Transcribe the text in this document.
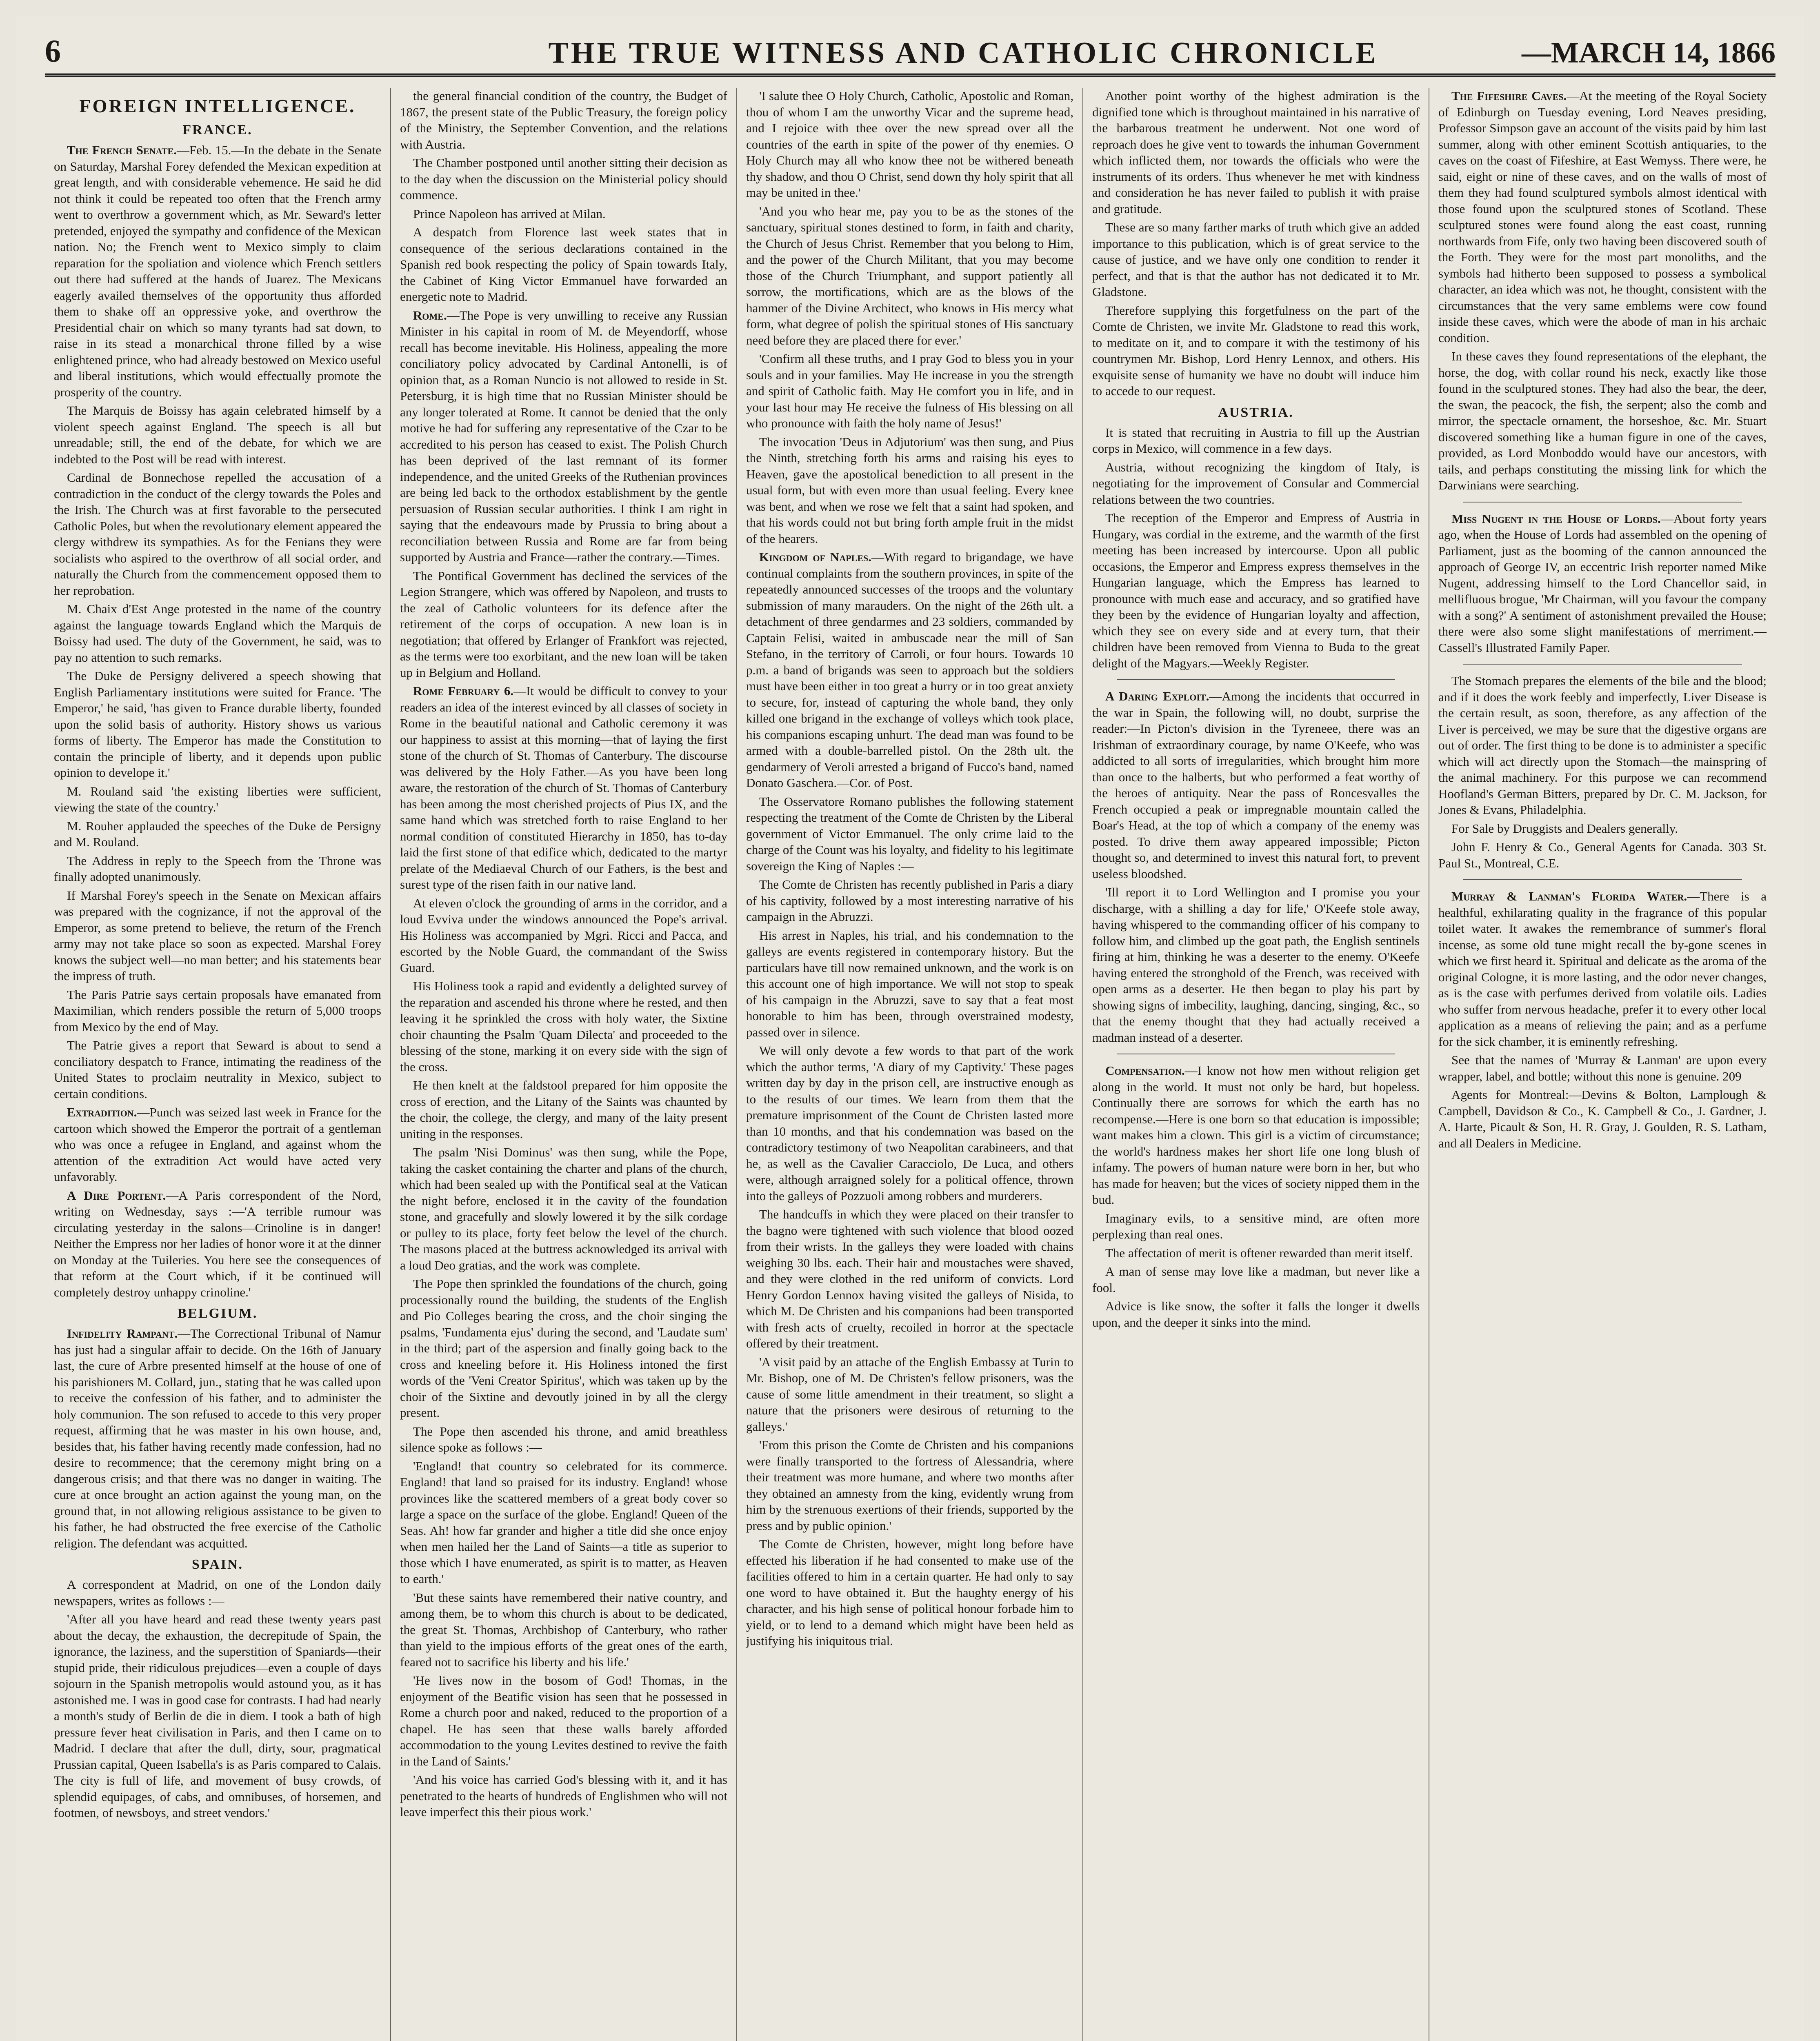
6	THE TRUE WITNESS AND CATHOLIC CHRONICLE	—MARCH 14, 1866
FOREIGN INTELLIGENCE.
FRANCE.

The French Senate.—Feb. 15.—In the debate in the Senate on Saturday, Marshal Forey defended the Mexican expedition at great length, and with considerable vehemence. He said he did not think it could be repeated too often that the French army went to overthrow a government which, as Mr. Seward's letter pretended, enjoyed the sympathy and confidence of the Mexican nation. No; the French went to Mexico simply to claim reparation for the spoliation and violence which French settlers out there had suffered at the hands of Juarez. The Mexicans eagerly availed themselves of the opportunity thus afforded them to shake off an oppressive yoke, and overthrow the Presidential chair on which so many tyrants had sat down, to raise in its stead a monarchical throne filled by a wise enlightened prince, who had already bestowed on Mexico useful and liberal institutions, which would effectually promote the prosperity of the country.

The Marquis de Boissy has again celebrated himself by a violent speech against England. The speech is all but unreadable; still, the end of the debate, for which we are indebted to the Post will be read with interest.

Cardinal de Bonnechose repelled the accusation of a contradiction in the conduct of the clergy towards the Poles and the Irish. The Church was at first favorable to the persecuted Catholic Poles, but when the revolutionary element appeared the clergy withdrew its sympathies. As for the Fenians they were socialists who aspired to the overthrow of all social order, and naturally the Church from the commencement opposed them to her reprobation.

M. Chaix d'Est Ange protested in the name of the country against the language towards England which the Marquis de Boissy had used. The duty of the Government, he said, was to pay no attention to such remarks.

The Duke de Persigny delivered a speech showing that English Parliamentary institutions were suited for France. 'The Emperor,' he said, 'has given to France durable liberty, founded upon the solid basis of authority. History shows us various forms of liberty. The Emperor has made the Constitution to contain the principle of liberty, and it depends upon public opinion to develope it.'

M. Rouland said 'the existing liberties were sufficient, viewing the state of the country.'

M. Rouher applauded the speeches of the Duke de Persigny and M. Rouland.

The Address in reply to the Speech from the Throne was finally adopted unanimously.

If Marshal Forey's speech in the Senate on Mexican affairs was prepared with the cognizance, if not the approval of the Emperor, as some pretend to believe, the return of the French army may not take place so soon as expected. Marshal Forey knows the subject well—no man better; and his statements bear the impress of truth.

The Paris Patrie says certain proposals have emanated from Maximilian, which renders possible the return of 5,000 troops from Mexico by the end of May.

The Patrie gives a report that Seward is about to send a conciliatory despatch to France, intimating the readiness of the United States to proclaim neutrality in Mexico, subject to certain conditions.

Extradition.—Punch was seized last week in France for the cartoon which showed the Emperor the portrait of a gentleman who was once a refugee in England, and against whom the attention of the extradition Act would have acted very unfavorably.

A Dire Portent.—A Paris correspondent of the Nord, writing on Wednesday, says :—'A terrible rumour was circulating yesterday in the salons—Crinoline is in danger! Neither the Empress nor her ladies of honor wore it at the dinner on Monday at the Tuileries. You here see the consequences of that reform at the Court which, if it be continued will completely destroy unhappy crinoline.'

BELGIUM.

Infidelity Rampant.—The Correctional Tribunal of Namur has just had a singular affair to decide. On the 16th of January last, the cure of Arbre presented himself at the house of one of his parishioners M. Collard, jun., stating that he was called upon to receive the confession of his father, and to administer the holy communion. The son refused to accede to this very proper request, affirming that he was master in his own house, and, besides that, his father having recently made confession, had no desire to recommence; that the ceremony might bring on a dangerous crisis; and that there was no danger in waiting. The cure at once brought an action against the young man, on the ground that, in not allowing religious assistance to be given to his father, he had obstructed the free exercise of the Catholic religion. The defendant was acquitted.

SPAIN.

A correspondent at Madrid, on one of the London daily newspapers, writes as follows :—

'After all you have heard and read these twenty years past about the decay, the exhaustion, the decrepitude of Spain, the ignorance, the laziness, and the superstition of Spaniards—their stupid pride, their ridiculous prejudices—even a couple of days sojourn in the Spanish metropolis would astound you, as it has astonished me. I was in good case for contrasts. I had had nearly a month's study of Berlin de die in diem. I took a bath of high pressure fever heat civilisation in Paris, and then I came on to Madrid. I declare that after the dull, dirty, sour, pragmatical Prussian capital, Queen Isabella's is as Paris compared to Calais. The city is full of life, and movement of busy crowds, of splendid equipages, of cabs, and omnibuses, of horsemen, and footmen, of newsboys, and street vendors.'

the general financial condition of the country, the Budget of 1867, the present state of the Public Treasury, the foreign policy of the Ministry, the September Convention, and the relations with Austria.

The Chamber postponed until another sitting their decision as to the day when the discussion on the Ministerial policy should commence.

Prince Napoleon has arrived at Milan.

A despatch from Florence last week states that in consequence of the serious declarations contained in the Spanish red book respecting the policy of Spain towards Italy, the Cabinet of King Victor Emmanuel have forwarded an energetic note to Madrid.

Rome.—The Pope is very unwilling to receive any Russian Minister in his capital in room of M. de Meyendorff, whose recall has become inevitable. His Holiness, appealing the more conciliatory policy advocated by Cardinal Antonelli, is of opinion that, as a Roman Nuncio is not allowed to reside in St. Petersburg, it is high time that no Russian Minister should be any longer tolerated at Rome. It cannot be denied that the only motive he had for suffering any representative of the Czar to be accredited to his person has ceased to exist. The Polish Church has been deprived of the last remnant of its former independence, and the united Greeks of the Ruthenian provinces are being led back to the orthodox establishment by the gentle persuasion of Russian secular authorities. I think I am right in saying that the endeavours made by Prussia to bring about a reconciliation between Russia and Rome are far from being supported by Austria and France—rather the contrary.—Times.

The Pontifical Government has declined the services of the Legion Strangere, which was offered by Napoleon, and trusts to the zeal of Catholic volunteers for its defence after the retirement of the corps of occupation. A new loan is in negotiation; that offered by Erlanger of Frankfort was rejected, as the terms were too exorbitant, and the new loan will be taken up in Belgium and Holland.

Rome February 6.—It would be difficult to convey to your readers an idea of the interest evinced by all classes of society in Rome in the beautiful national and Catholic ceremony it was our happiness to assist at this morning—that of laying the first stone of the church of St. Thomas of Canterbury. The discourse was delivered by the Holy Father.—As you have been long aware, the restoration of the church of St. Thomas of Canterbury has been among the most cherished projects of Pius IX, and the same hand which was stretched forth to raise England to her normal condition of constituted Hierarchy in 1850, has to-day laid the first stone of that edifice which, dedicated to the martyr prelate of the Mediaeval Church of our Fathers, is the best and surest type of the risen faith in our native land.

At eleven o'clock the grounding of arms in the corridor, and a loud Evviva under the windows announced the Pope's arrival. His Holiness was accompanied by Mgri. Ricci and Pacca, and escorted by the Noble Guard, the commandant of the Swiss Guard.

His Holiness took a rapid and evidently a delighted survey of the reparation and ascended his throne where he rested, and then leaving it he sprinkled the cross with holy water, the Sixtine choir chaunting the Psalm 'Quam Dilecta' and proceeded to the blessing of the stone, marking it on every side with the sign of the cross.

He then knelt at the faldstool prepared for him opposite the cross of erection, and the Litany of the Saints was chaunted by the choir, the college, the clergy, and many of the laity present uniting in the responses.

The psalm 'Nisi Dominus' was then sung, while the Pope, taking the casket containing the charter and plans of the church, which had been sealed up with the Pontifical seal at the Vatican the night before, enclosed it in the cavity of the foundation stone, and gracefully and slowly lowered it by the silk cordage or pulley to its place, forty feet below the level of the church. The masons placed at the buttress acknowledged its arrival with a loud Deo gratias, and the work was complete.

The Pope then sprinkled the foundations of the church, going processionally round the building, the students of the English and Pio Colleges bearing the cross, and the choir singing the psalms, 'Fundamenta ejus' during the second, and 'Laudate sum' in the third; part of the aspersion and finally going back to the cross and kneeling before it. His Holiness intoned the first words of the 'Veni Creator Spiritus', which was taken up by the choir of the Sixtine and devoutly joined in by all the clergy present.

The Pope then ascended his throne, and amid breathless silence spoke as follows :—

'England! that country so celebrated for its commerce. England! that land so praised for its industry. England! whose provinces like the scattered members of a great body cover so large a space on the surface of the globe. England! Queen of the Seas. Ah! how far grander and higher a title did she once enjoy when men hailed her the Land of Saints—a title as superior to those which I have enumerated, as spirit is to matter, as Heaven to earth.'

'But these saints have remembered their native country, and among them, be to whom this church is about to be dedicated, the great St. Thomas, Archbishop of Canterbury, who rather than yield to the impious efforts of the great ones of the earth, feared not to sacrifice his liberty and his life.'

'He lives now in the bosom of God! Thomas, in the enjoyment of the Beatific vision has seen that he possessed in Rome a church poor and naked, reduced to the proportion of a chapel. He has seen that these walls barely afforded accommodation to the young Levites destined to revive the faith in the Land of Saints.'

'And his voice has carried God's blessing with it, and it has penetrated to the hearts of hundreds of Englishmen who will not leave imperfect this their pious work.'

'I salute thee O Holy Church, Catholic, Apostolic and Roman, thou of whom I am the unworthy Vicar and the supreme head, and I rejoice with thee over the new spread over all the countries of the earth in spite of the power of thy enemies. O Holy Church may all who know thee not be withered beneath thy shadow, and thou O Christ, send down thy holy spirit that all may be united in thee.'

'And you who hear me, pay you to be as the stones of the sanctuary, spiritual stones destined to form, in faith and charity, the Church of Jesus Christ. Remember that you belong to Him, and the power of the Church Militant, that you may become those of the Church Triumphant, and support patiently all sorrow, the mortifications, which are as the blows of the hammer of the Divine Architect, who knows in His mercy what form, what degree of polish the spiritual stones of His sanctuary need before they are placed there for ever.'

'Confirm all these truths, and I pray God to bless you in your souls and in your families. May He increase in you the strength and spirit of Catholic faith. May He comfort you in life, and in your last hour may He receive the fulness of His blessing on all who pronounce with faith the holy name of Jesus!'

The invocation 'Deus in Adjutorium' was then sung, and Pius the Ninth, stretching forth his arms and raising his eyes to Heaven, gave the apostolical benediction to all present in the usual form, but with even more than usual feeling. Every knee was bent, and when we rose we felt that a saint had spoken, and that his words could not but bring forth ample fruit in the midst of the hearers.

Kingdom of Naples.—With regard to brigandage, we have continual complaints from the southern provinces, in spite of the repeatedly announced successes of the troops and the voluntary submission of many marauders. On the night of the 26th ult. a detachment of three gendarmes and 23 soldiers, commanded by Captain Felisi, waited in ambuscade near the mill of San Stefano, in the territory of Carroli, or four hours. Towards 10 p.m. a band of brigands was seen to approach but the soldiers must have been either in too great a hurry or in too great anxiety to secure, for, instead of capturing the whole band, they only killed one brigand in the exchange of volleys which took place, his companions escaping unhurt. The dead man was found to be armed with a double-barrelled pistol. On the 28th ult. the gendarmery of Veroli arrested a brigand of Fucco's band, named Donato Gaschera.—Cor. of Post.

The Osservatore Romano publishes the following statement respecting the treatment of the Comte de Christen by the Liberal government of Victor Emmanuel. The only crime laid to the charge of the Count was his loyalty, and fidelity to his legitimate sovereign the King of Naples :—

The Comte de Christen has recently published in Paris a diary of his captivity, followed by a most interesting narrative of his campaign in the Abruzzi.

His arrest in Naples, his trial, and his condemnation to the galleys are events registered in contemporary history. But the particulars have till now remained unknown, and the work is on this account one of high importance. We will not stop to speak of his campaign in the Abruzzi, save to say that a feat most honorable to him has been, through overstrained modesty, passed over in silence.

We will only devote a few words to that part of the work which the author terms, 'A diary of my Captivity.' These pages written day by day in the prison cell, are instructive enough as to the results of our times. We learn from them that the premature imprisonment of the Count de Christen lasted more than 10 months, and that his condemnation was based on the contradictory testimony of two Neapolitan carabineers, and that he, as well as the Cavalier Caracciolo, De Luca, and others were, although arraigned solely for a political offence, thrown into the galleys of Pozzuoli among robbers and murderers.

The handcuffs in which they were placed on their transfer to the bagno were tightened with such violence that blood oozed from their wrists. In the galleys they were loaded with chains weighing 30 lbs. each. Their hair and moustaches were shaved, and they were clothed in the red uniform of convicts. Lord Henry Gordon Lennox having visited the galleys of Nisida, to which M. De Christen and his companions had been transported with fresh acts of cruelty, recoiled in horror at the spectacle offered by their treatment.

'A visit paid by an attache of the English Embassy at Turin to Mr. Bishop, one of M. De Christen's fellow prisoners, was the cause of some little amendment in their treatment, so slight a nature that the prisoners were desirous of returning to the galleys.'

'From this prison the Comte de Christen and his companions were finally transported to the fortress of Alessandria, where their treatment was more humane, and where two months after they obtained an amnesty from the king, evidently wrung from him by the strenuous exertions of their friends, supported by the press and by public opinion.'

The Comte de Christen, however, might long before have effected his liberation if he had consented to make use of the facilities offered to him in a certain quarter. He had only to say one word to have obtained it. But the haughty energy of his character, and his high sense of political honour forbade him to yield, or to lend to a demand which might have been held as justifying his iniquitous trial.

Another point worthy of the highest admiration is the dignified tone which is throughout maintained in his narrative of the barbarous treatment he underwent. Not one word of reproach does he give vent to towards the inhuman Government which inflicted them, nor towards the officials who were the instruments of its orders. Thus whenever he met with kindness and consideration he has never failed to publish it with praise and gratitude.

These are so many farther marks of truth which give an added importance to this publication, which is of great service to the cause of justice, and we have only one condition to render it perfect, and that is that the author has not dedicated it to Mr. Gladstone.

Therefore supplying this forgetfulness on the part of the Comte de Christen, we invite Mr. Gladstone to read this work, to meditate on it, and to compare it with the testimony of his countrymen Mr. Bishop, Lord Henry Lennox, and others. His exquisite sense of humanity we have no doubt will induce him to accede to our request.

AUSTRIA.

It is stated that recruiting in Austria to fill up the Austrian corps in Mexico, will commence in a few days.

Austria, without recognizing the kingdom of Italy, is negotiating for the improvement of Consular and Commercial relations between the two countries.

The reception of the Emperor and Empress of Austria in Hungary, was cordial in the extreme, and the warmth of the first meeting has been increased by intercourse. Upon all public occasions, the Emperor and Empress express themselves in the Hungarian language, which the Empress has learned to pronounce with much ease and accuracy, and so gratified have they been by the evidence of Hungarian loyalty and affection, which they see on every side and at every turn, that their children have been removed from Vienna to Buda to the great delight of the Magyars.—Weekly Register.

A Daring Exploit.—Among the incidents that occurred in the war in Spain, the following will, no doubt, surprise the reader:—In Picton's division in the Tyreneee, there was an Irishman of extraordinary courage, by name O'Keefe, who was addicted to all sorts of irregularities, which brought him more than once to the halberts, but who performed a feat worthy of the heroes of antiquity. Near the pass of Roncesvalles the French occupied a peak or impregnable mountain called the Boar's Head, at the top of which a company of the enemy was posted. To drive them away appeared impossible; Picton thought so, and determined to invest this natural fort, to prevent useless bloodshed.

'Ill report it to Lord Wellington and I promise you your discharge, with a shilling a day for life,' O'Keefe stole away, having whispered to the commanding officer of his company to follow him, and climbed up the goat path, the English sentinels firing at him, thinking he was a deserter to the enemy. O'Keefe having entered the stronghold of the French, was received with open arms as a deserter. He then began to play his part by showing signs of imbecility, laughing, dancing, singing, &c., so that the enemy thought that they had actually received a madman instead of a deserter.

Compensation.—I know not how men without religion get along in the world. It must not only be hard, but hopeless. Continually there are sorrows for which the earth has no recompense.—Here is one born so that education is impossible; want makes him a clown. This girl is a victim of circumstance; the world's hardness makes her short life one long blush of infamy. The powers of human nature were born in her, but who has made for heaven; but the vices of society nipped them in the bud.

Imaginary evils, to a sensitive mind, are often more perplexing than real ones.

The affectation of merit is oftener rewarded than merit itself.

A man of sense may love like a madman, but never like a fool.

Advice is like snow, the softer it falls the longer it dwells upon, and the deeper it sinks into the mind.

The Fifeshire Caves.—At the meeting of the Royal Society of Edinburgh on Tuesday evening, Lord Neaves presiding, Professor Simpson gave an account of the visits paid by him last summer, along with other eminent Scottish antiquaries, to the caves on the coast of Fifeshire, at East Wemyss. There were, he said, eight or nine of these caves, and on the walls of most of them they had found sculptured symbols almost identical with those found upon the sculptured stones of Scotland. These sculptured stones were found along the east coast, running northwards from Fife, only two having been discovered south of the Forth. They were for the most part monoliths, and the symbols had hitherto been supposed to possess a symbolical character, an idea which was not, he thought, consistent with the circumstances that the very same emblems were cow found inside these caves, which were the abode of man in his archaic condition.

In these caves they found representations of the elephant, the horse, the dog, with collar round his neck, exactly like those found in the sculptured stones. They had also the bear, the deer, the swan, the peacock, the fish, the serpent; also the comb and mirror, the spectacle ornament, the horseshoe, &c. Mr. Stuart discovered something like a human figure in one of the caves, provided, as Lord Monboddo would have our ancestors, with tails, and perhaps constituting the missing link for which the Darwinians were searching.

Miss Nugent in the House of Lords.—About forty years ago, when the House of Lords had assembled on the opening of Parliament, just as the booming of the cannon announced the approach of George IV, an eccentric Irish reporter named Mike Nugent, addressing himself to the Lord Chancellor said, in mellifluous brogue, 'Mr Chairman, will you favour the company with a song?' A sentiment of astonishment prevailed the House; there were also some slight manifestations of merriment.—Cassell's Illustrated Family Paper.

The Stomach prepares the elements of the bile and the blood; and if it does the work feebly and imperfectly, Liver Disease is the certain result, as soon, therefore, as any affection of the Liver is perceived, we may be sure that the digestive organs are out of order. The first thing to be done is to administer a specific which will act directly upon the Stomach—the mainspring of the animal machinery. For this purpose we can recommend Hoofland's German Bitters, prepared by Dr. C. M. Jackson, for Jones & Evans, Philadelphia.

For Sale by Druggists and Dealers generally.

John F. Henry & Co., General Agents for Canada. 303 St. Paul St., Montreal, C.E.

Murray & Lanman's Florida Water.—There is a healthful, exhilarating quality in the fragrance of this popular toilet water. It awakes the remembrance of summer's floral incense, as some old tune might recall the by-gone scenes in which we first heard it. Spiritual and delicate as the aroma of the original Cologne, it is more lasting, and the odor never changes, as is the case with perfumes derived from volatile oils. Ladies who suffer from nervous headache, prefer it to every other local application as a means of relieving the pain; and as a perfume for the sick chamber, it is eminently refreshing.

See that the names of 'Murray & Lanman' are upon every wrapper, label, and bottle; without this none is genuine. 209

Agents for Montreal:—Devins & Bolton, Lamplough & Campbell, Davidson & Co., K. Campbell & Co., J. Gardner, J. A. Harte, Picault & Son, H. R. Gray, J. Goulden, R. S. Latham, and all Dealers in Medicine.
